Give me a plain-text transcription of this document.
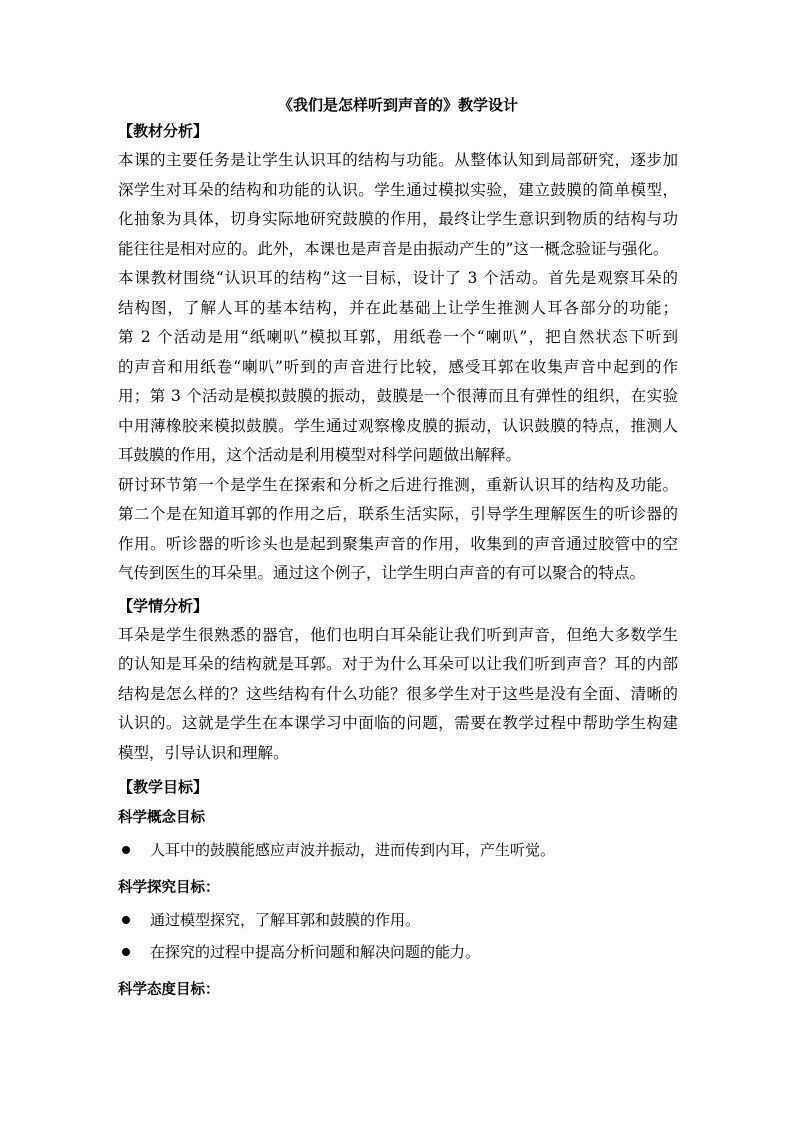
《我们是怎样听到声音的》教学设计
【教材分析】
本课的主要任务是让学生认识耳的结构与功能。从整体认知到局部研究，逐步加
深学生对耳朵的结构和功能的认识。学生通过模拟实验，建立鼓膜的简单模型，
化抽象为具体，切身实际地研究鼓膜的作用，最终让学生意识到物质的结构与功
能往往是相对应的。此外，本课也是声音是由振动产生的”这一概念验证与强化。
本课教材围绕“认识耳的结构”这一目标，设计了 3 个活动。首先是观察耳朵的
结构图，了解人耳的基本结构，并在此基础上让学生推测人耳各部分的功能；
第 2 个活动是用“纸喇叭”模拟耳郭，用纸卷一个“喇叭”，把自然状态下听到
的声音和用纸卷“喇叭”听到的声音进行比较，感受耳郭在收集声音中起到的作
用；第 3 个活动是模拟鼓膜的振动，鼓膜是一个很薄而且有弹性的组织，在实验
中用薄橡胶来模拟鼓膜。学生通过观察橡皮膜的振动，认识鼓膜的特点，推测人
耳鼓膜的作用，这个活动是利用模型对科学问题做出解释。
研讨环节第一个是学生在探索和分析之后进行推测，重新认识耳的结构及功能。
第二个是在知道耳郭的作用之后，联系生活实际，引导学生理解医生的听诊器的
作用。听诊器的听诊头也是起到聚集声音的作用，收集到的声音通过胶管中的空
气传到医生的耳朵里。通过这个例子，让学生明白声音的有可以聚合的特点。
【学情分析】
耳朵是学生很熟悉的器官，他们也明白耳朵能让我们听到声音，但绝大多数学生
的认知是耳朵的结构就是耳郭。对于为什么耳朵可以让我们听到声音？耳的内部
结构是怎么样的？这些结构有什么功能？很多学生对于这些是没有全面、清晰的
认识的。这就是学生在本课学习中面临的问题，需要在教学过程中帮助学生构建
模型，引导认识和理解。
【教学目标】
科学概念目标
人耳中的鼓膜能感应声波并振动，进而传到内耳，产生听觉。
科学探究目标：
通过模型探究，了解耳郭和鼓膜的作用。
在探究的过程中提高分析问题和解决问题的能力。
科学态度目标：
